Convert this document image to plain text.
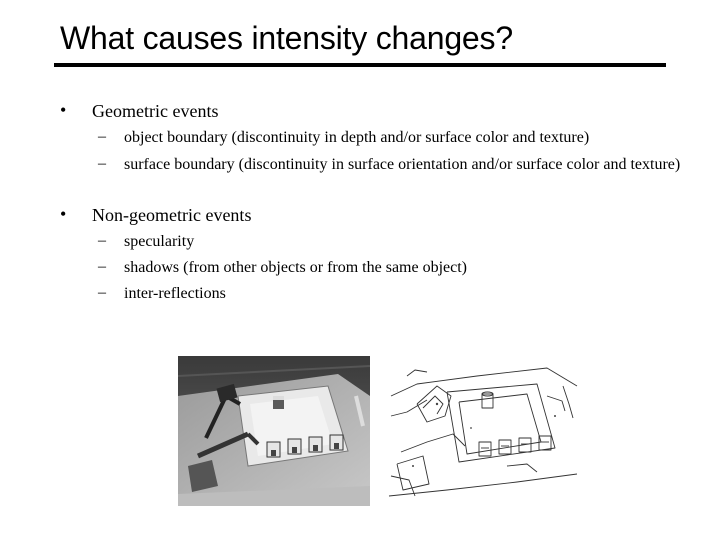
What causes intensity changes?
• Geometric events
– object boundary (discontinuity in depth and/or surface color and texture)
– surface boundary (discontinuity in surface orientation and/or surface color and texture)
• Non-geometric events
– specularity
– shadows (from other objects or from the same object)
– inter-reflections
